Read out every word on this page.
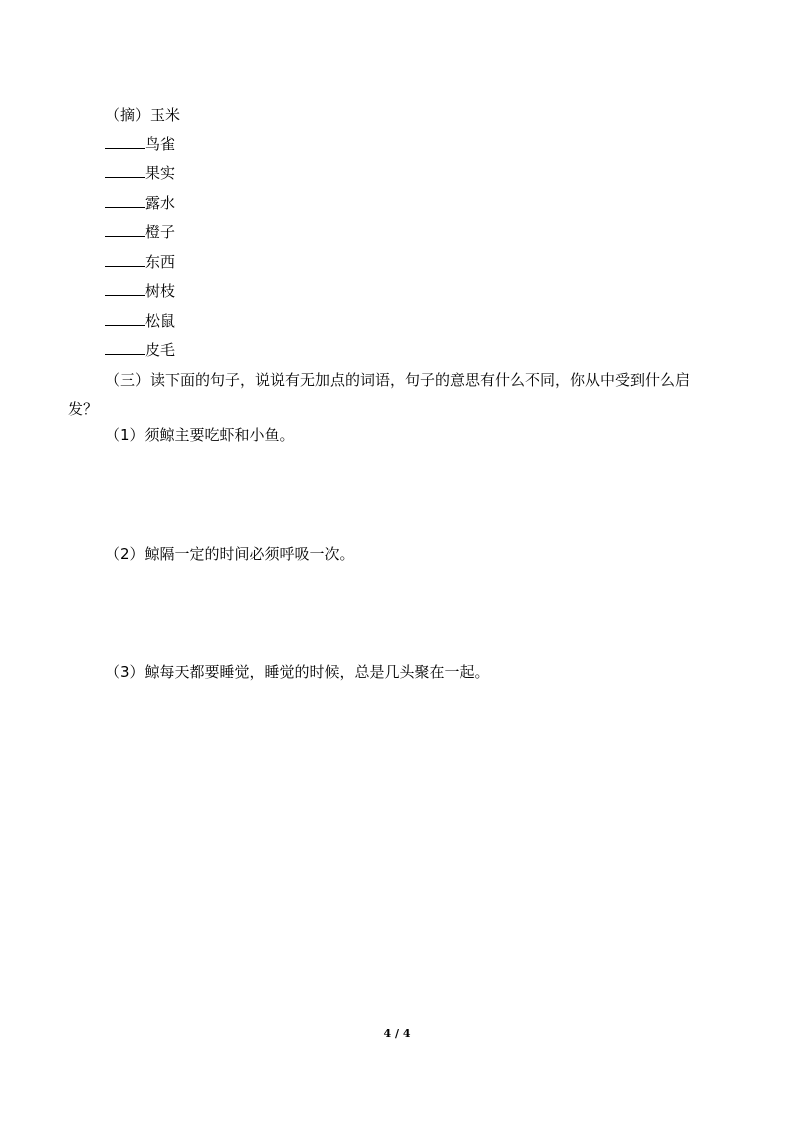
（摘）玉米
鸟雀
果实
露水
橙子
东西
树枝
松鼠
皮毛
（三）读下面的句子，说说有无加点的词语，句子的意思有什么不同，你从中受到什么启发？
（1）须鲸主要吃虾和小鱼。
（2）鲸隔一定的时间必须呼吸一次。
（3）鲸每天都要睡觉，睡觉的时候，总是几头聚在一起。
4 / 4
